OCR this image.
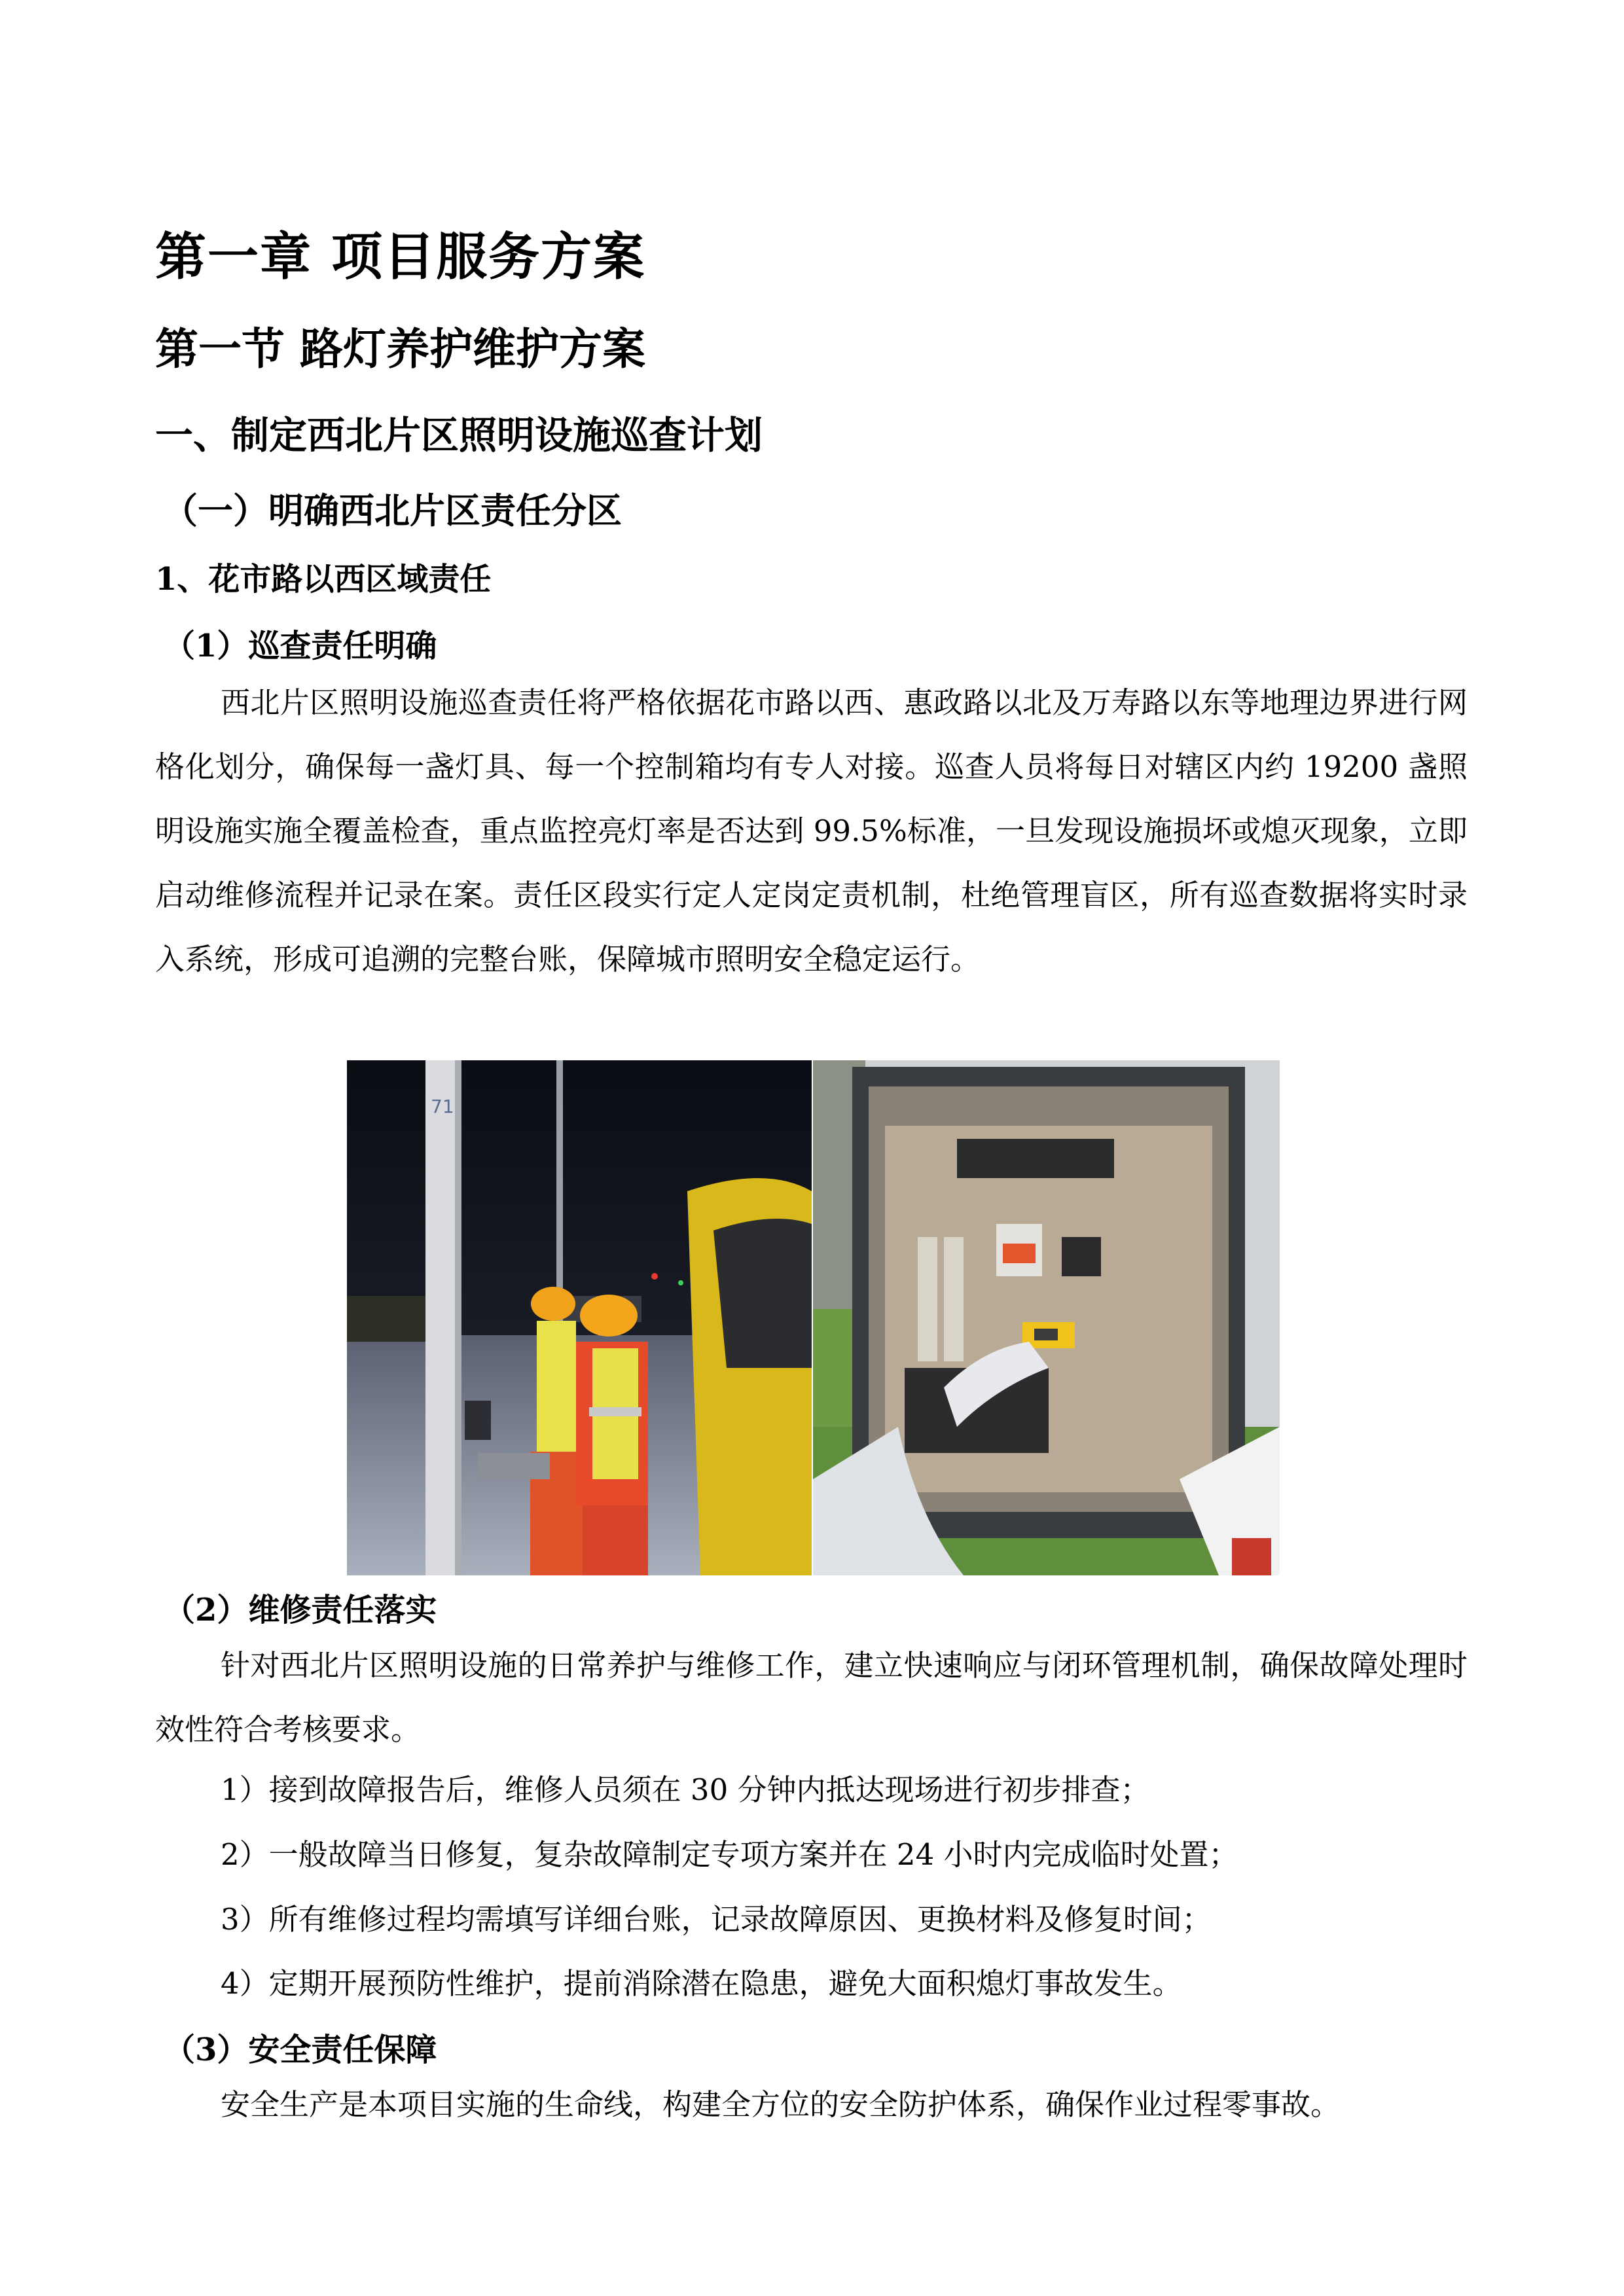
第一章 项目服务方案
第一节 路灯养护维护方案
一、制定西北片区照明设施巡查计划
（一）明确西北片区责任分区
1、花市路以西区域责任
（1）巡查责任明确

西北片区照明设施巡查责任将严格依据花市路以西、惠政路以北及万寿路以东等地理边界进行网格化划分，确保每一盏灯具、每一个控制箱均有专人对接。巡查人员将每日对辖区内约 19200 盏照明设施实施全覆盖检查，重点监控亮灯率是否达到 99.5%标准，一旦发现设施损坏或熄灭现象，立即启动维修流程并记录在案。责任区段实行定人定岗定责机制，杜绝管理盲区，所有巡查数据将实时录入系统，形成可追溯的完整台账，保障城市照明安全稳定运行。

71
（2）维修责任落实

针对西北片区照明设施的日常养护与维修工作，建立快速响应与闭环管理机制，确保故障处理时效性符合考核要求。

1）接到故障报告后，维修人员须在 30 分钟内抵达现场进行初步排查；
2）一般故障当日修复，复杂故障制定专项方案并在 24 小时内完成临时处置；
3）所有维修过程均需填写详细台账，记录故障原因、更换材料及修复时间；
4）定期开展预防性维护，提前消除潜在隐患，避免大面积熄灯事故发生。
（3）安全责任保障

安全生产是本项目实施的生命线，构建全方位的安全防护体系，确保作业过程零事故。
